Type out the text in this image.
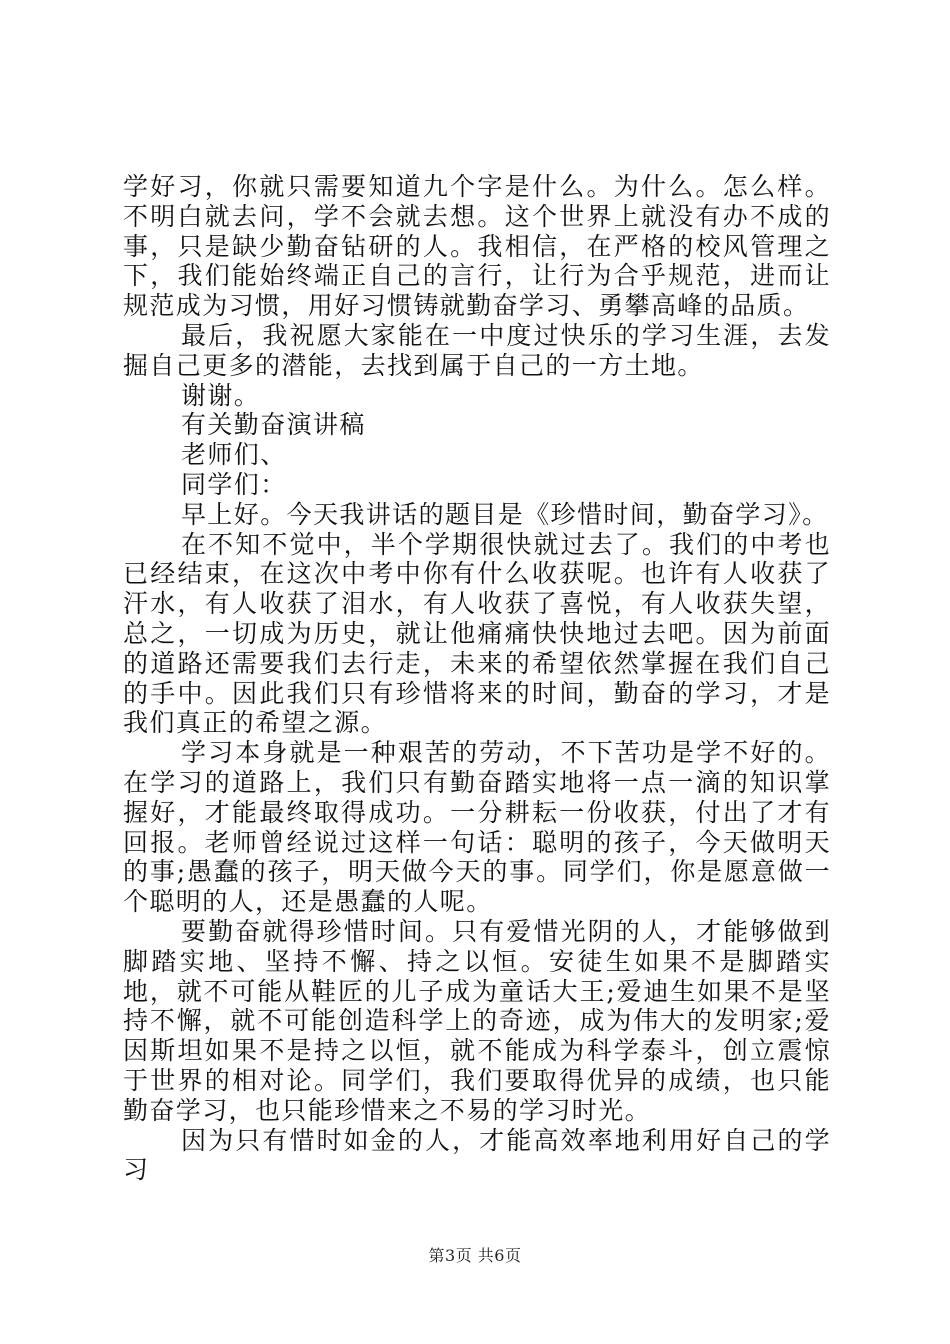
学好习，你就只需要知道九个字是什么。为什么。怎么样。不明白就去问，学不会就去想。这个世界上就没有办不成的事，只是缺少勤奋钻研的人。我相信，在严格的校风管理之下，我们能始终端正自己的言行，让行为合乎规范，进而让规范成为习惯，用好习惯铸就勤奋学习、勇攀高峰的品质。

最后，我祝愿大家能在一中度过快乐的学习生涯，去发掘自己更多的潜能，去找到属于自己的一方土地。

谢谢。

有关勤奋演讲稿

老师们、

同学们：

早上好。今天我讲话的题目是《珍惜时间，勤奋学习》。

在不知不觉中，半个学期很快就过去了。我们的中考也已经结束，在这次中考中你有什么收获呢。也许有人收获了汗水，有人收获了泪水，有人收获了喜悦，有人收获失望，总之，一切成为历史，就让他痛痛快快地过去吧。因为前面的道路还需要我们去行走，未来的希望依然掌握在我们自己的手中。因此我们只有珍惜将来的时间，勤奋的学习，才是我们真正的希望之源。

学习本身就是一种艰苦的劳动，不下苦功是学不好的。在学习的道路上，我们只有勤奋踏实地将一点一滴的知识掌握好，才能最终取得成功。一分耕耘一份收获，付出了才有回报。老师曾经说过这样一句话：聪明的孩子，今天做明天的事;愚蠢的孩子，明天做今天的事。同学们，你是愿意做一个聪明的人，还是愚蠢的人呢。

要勤奋就得珍惜时间。只有爱惜光阴的人，才能够做到脚踏实地、坚持不懈、持之以恒。安徒生如果不是脚踏实地，就不可能从鞋匠的儿子成为童话大王;爱迪生如果不是坚持不懈，就不可能创造科学上的奇迹，成为伟大的发明家;爱因斯坦如果不是持之以恒，就不能成为科学泰斗，创立震惊于世界的相对论。同学们，我们要取得优异的成绩，也只能勤奋学习，也只能珍惜来之不易的学习时光。

因为只有惜时如金的人，才能高效率地利用好自己的学习

第3页 共6页
